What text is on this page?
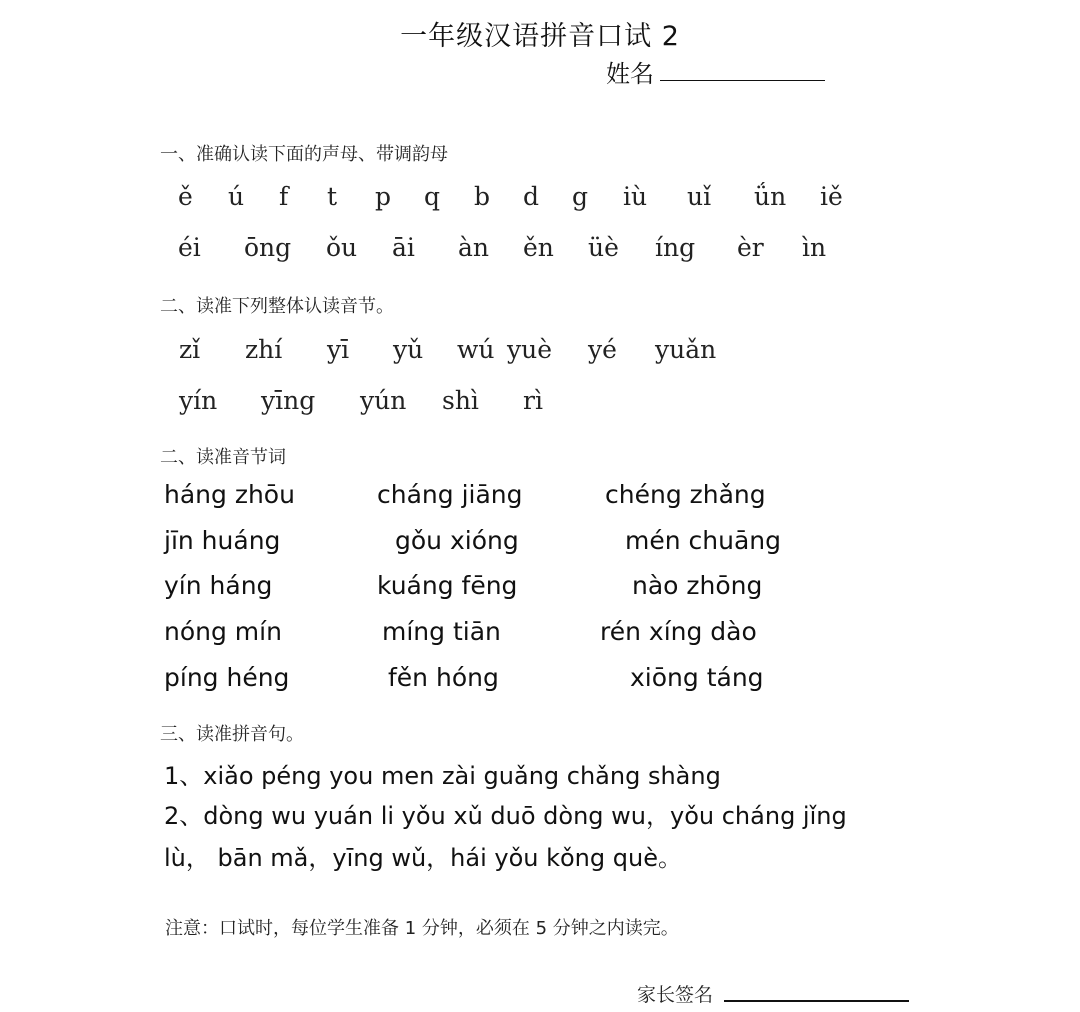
一年级汉语拼音口试 2
姓名
一、准确认读下面的声母、带调韵母
ě ú f t p q b d g iù uǐ ǘn iě
éi ōng ǒu āi àn ěn üè íng èr ìn
二、读准下列整体认读音节。
zǐ zhí yī yǔ wú yuè yé yuǎn
yín yīng yún shì rì
二、读准音节词
háng zhōu	cháng jiāng	chéng zhǎng
jīn huáng	gǒu xióng	mén chuāng
yín háng	kuáng fēng	nào zhōng
nóng mín	míng tiān	rén xíng dào
píng héng	fěn hóng	xiōng táng
三、读准拼音句。
1、xiǎo péng you men zài guǎng chǎng shàng
2、dòng wu yuán li yǒu xǔ duō dòng wu，yǒu cháng jǐng
lù， bān mǎ，yīng wǔ，hái yǒu kǒng què。
注意：口试时，每位学生准备 1 分钟，必须在 5 分钟之内读完。
家长签名
